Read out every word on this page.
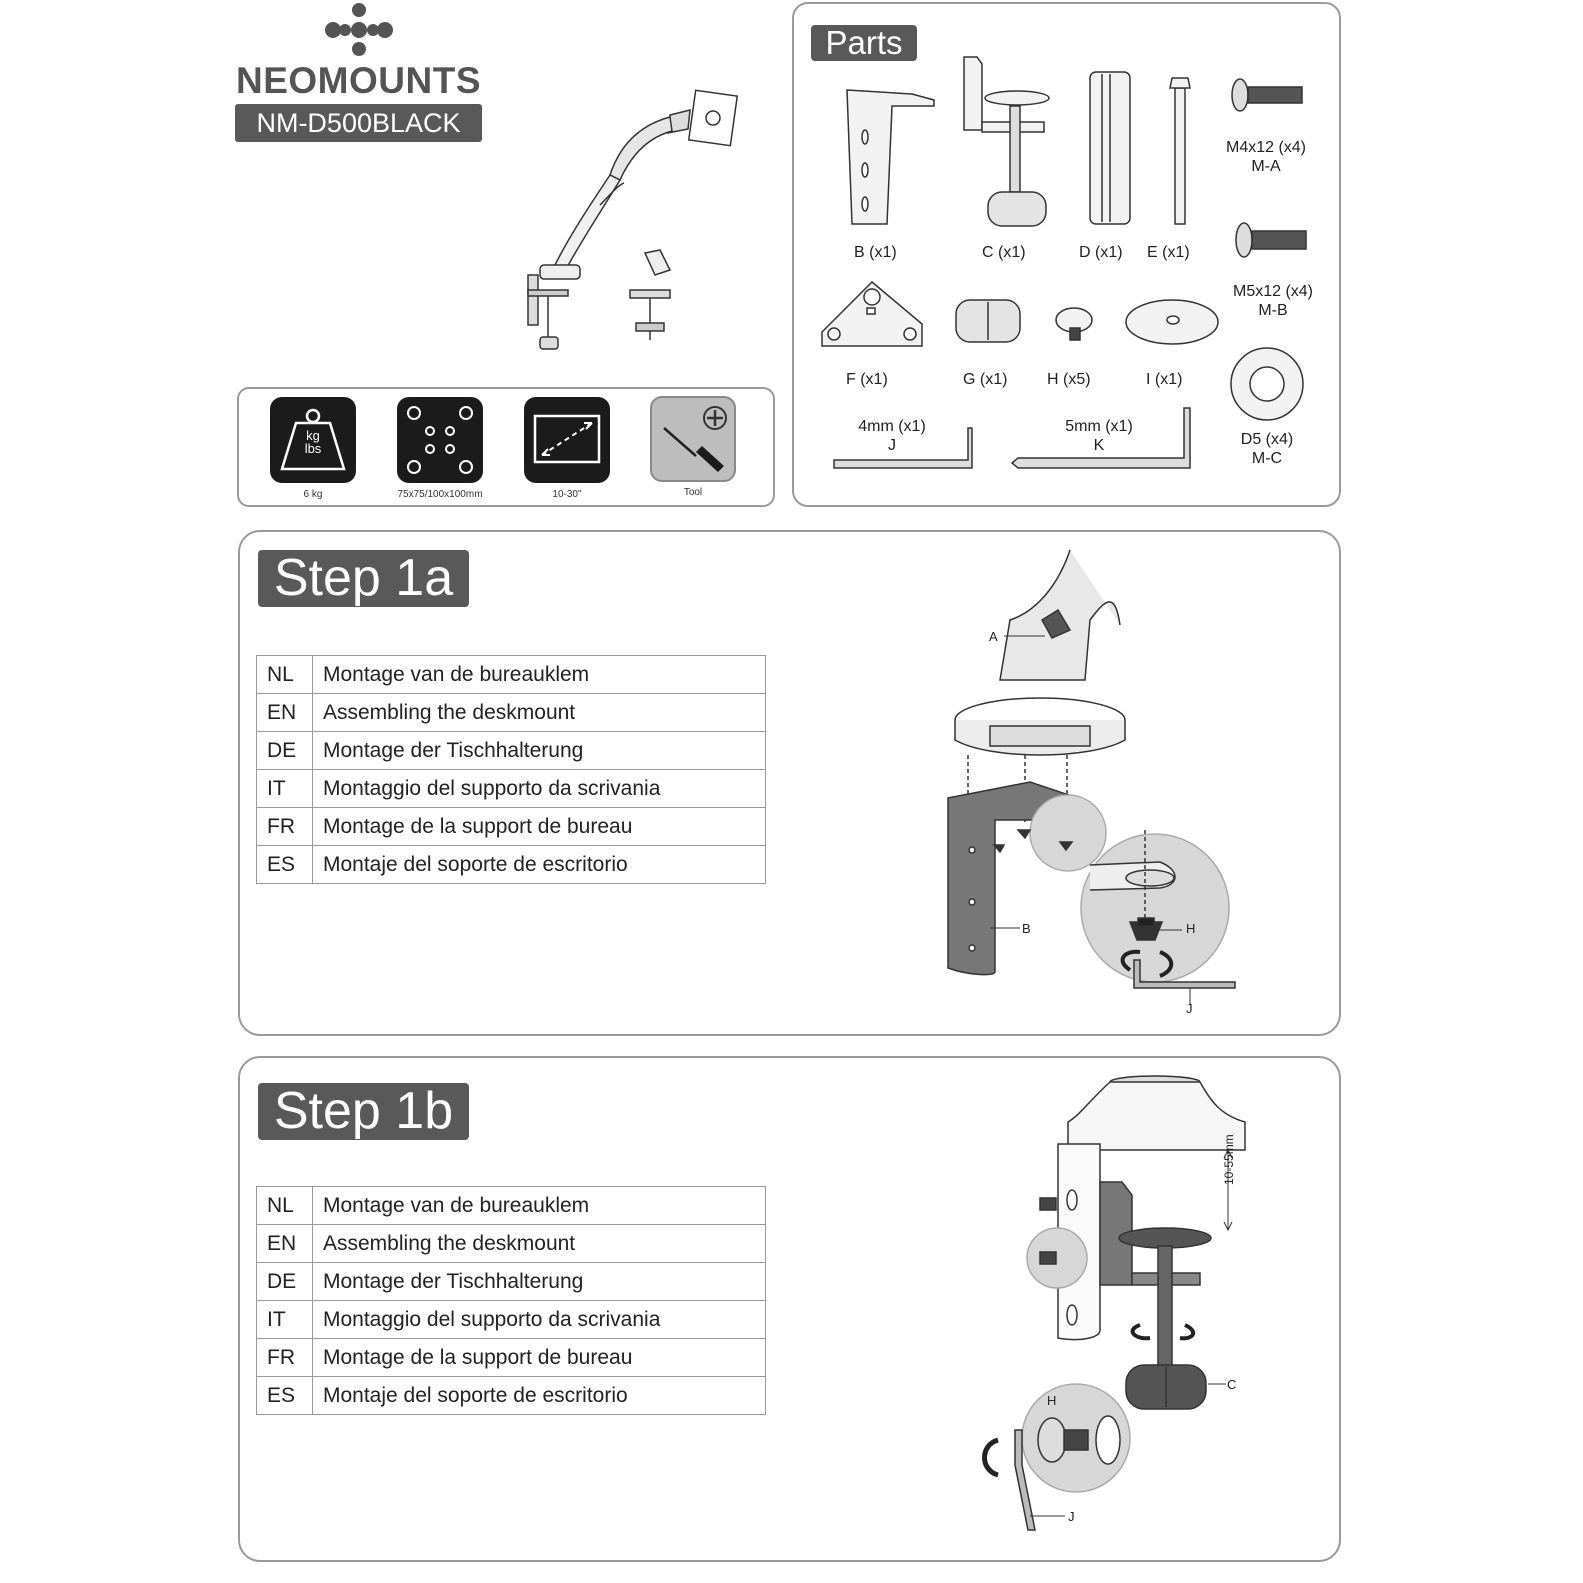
NEOMOUNTS
NM-D500BLACK
kg
lbs
6 kg	75x75/100x100mm	10-30"	Tool
Parts
B (x1)	C (x1)	D (x1) E (x1)
M4x12 (x4)
M-A
M5x12 (x4)
M-B
F (x1)	G (x1) H (x5)	I (x1)
4mm (x1)
J
5mm (x1)
K	D5 (x4)
M-C
Step 1a
NL	Montage van de bureauklem
EN	Assembling the deskmount
DE	Montage der Tischhalterung
IT	Montaggio del supporto da scrivania
FR	Montage de la support de bureau
ES	Montaje del soporte de escritorio
A
B	H
J
Step 1b
NL	Montage van de bureauklem
EN	Assembling the deskmount
DE	Montage der Tischhalterung
IT	Montaggio del supporto da scrivania
FR	Montage de la support de bureau
ES	Montaje del soporte de escritorio
10-55mm
C
H
J
